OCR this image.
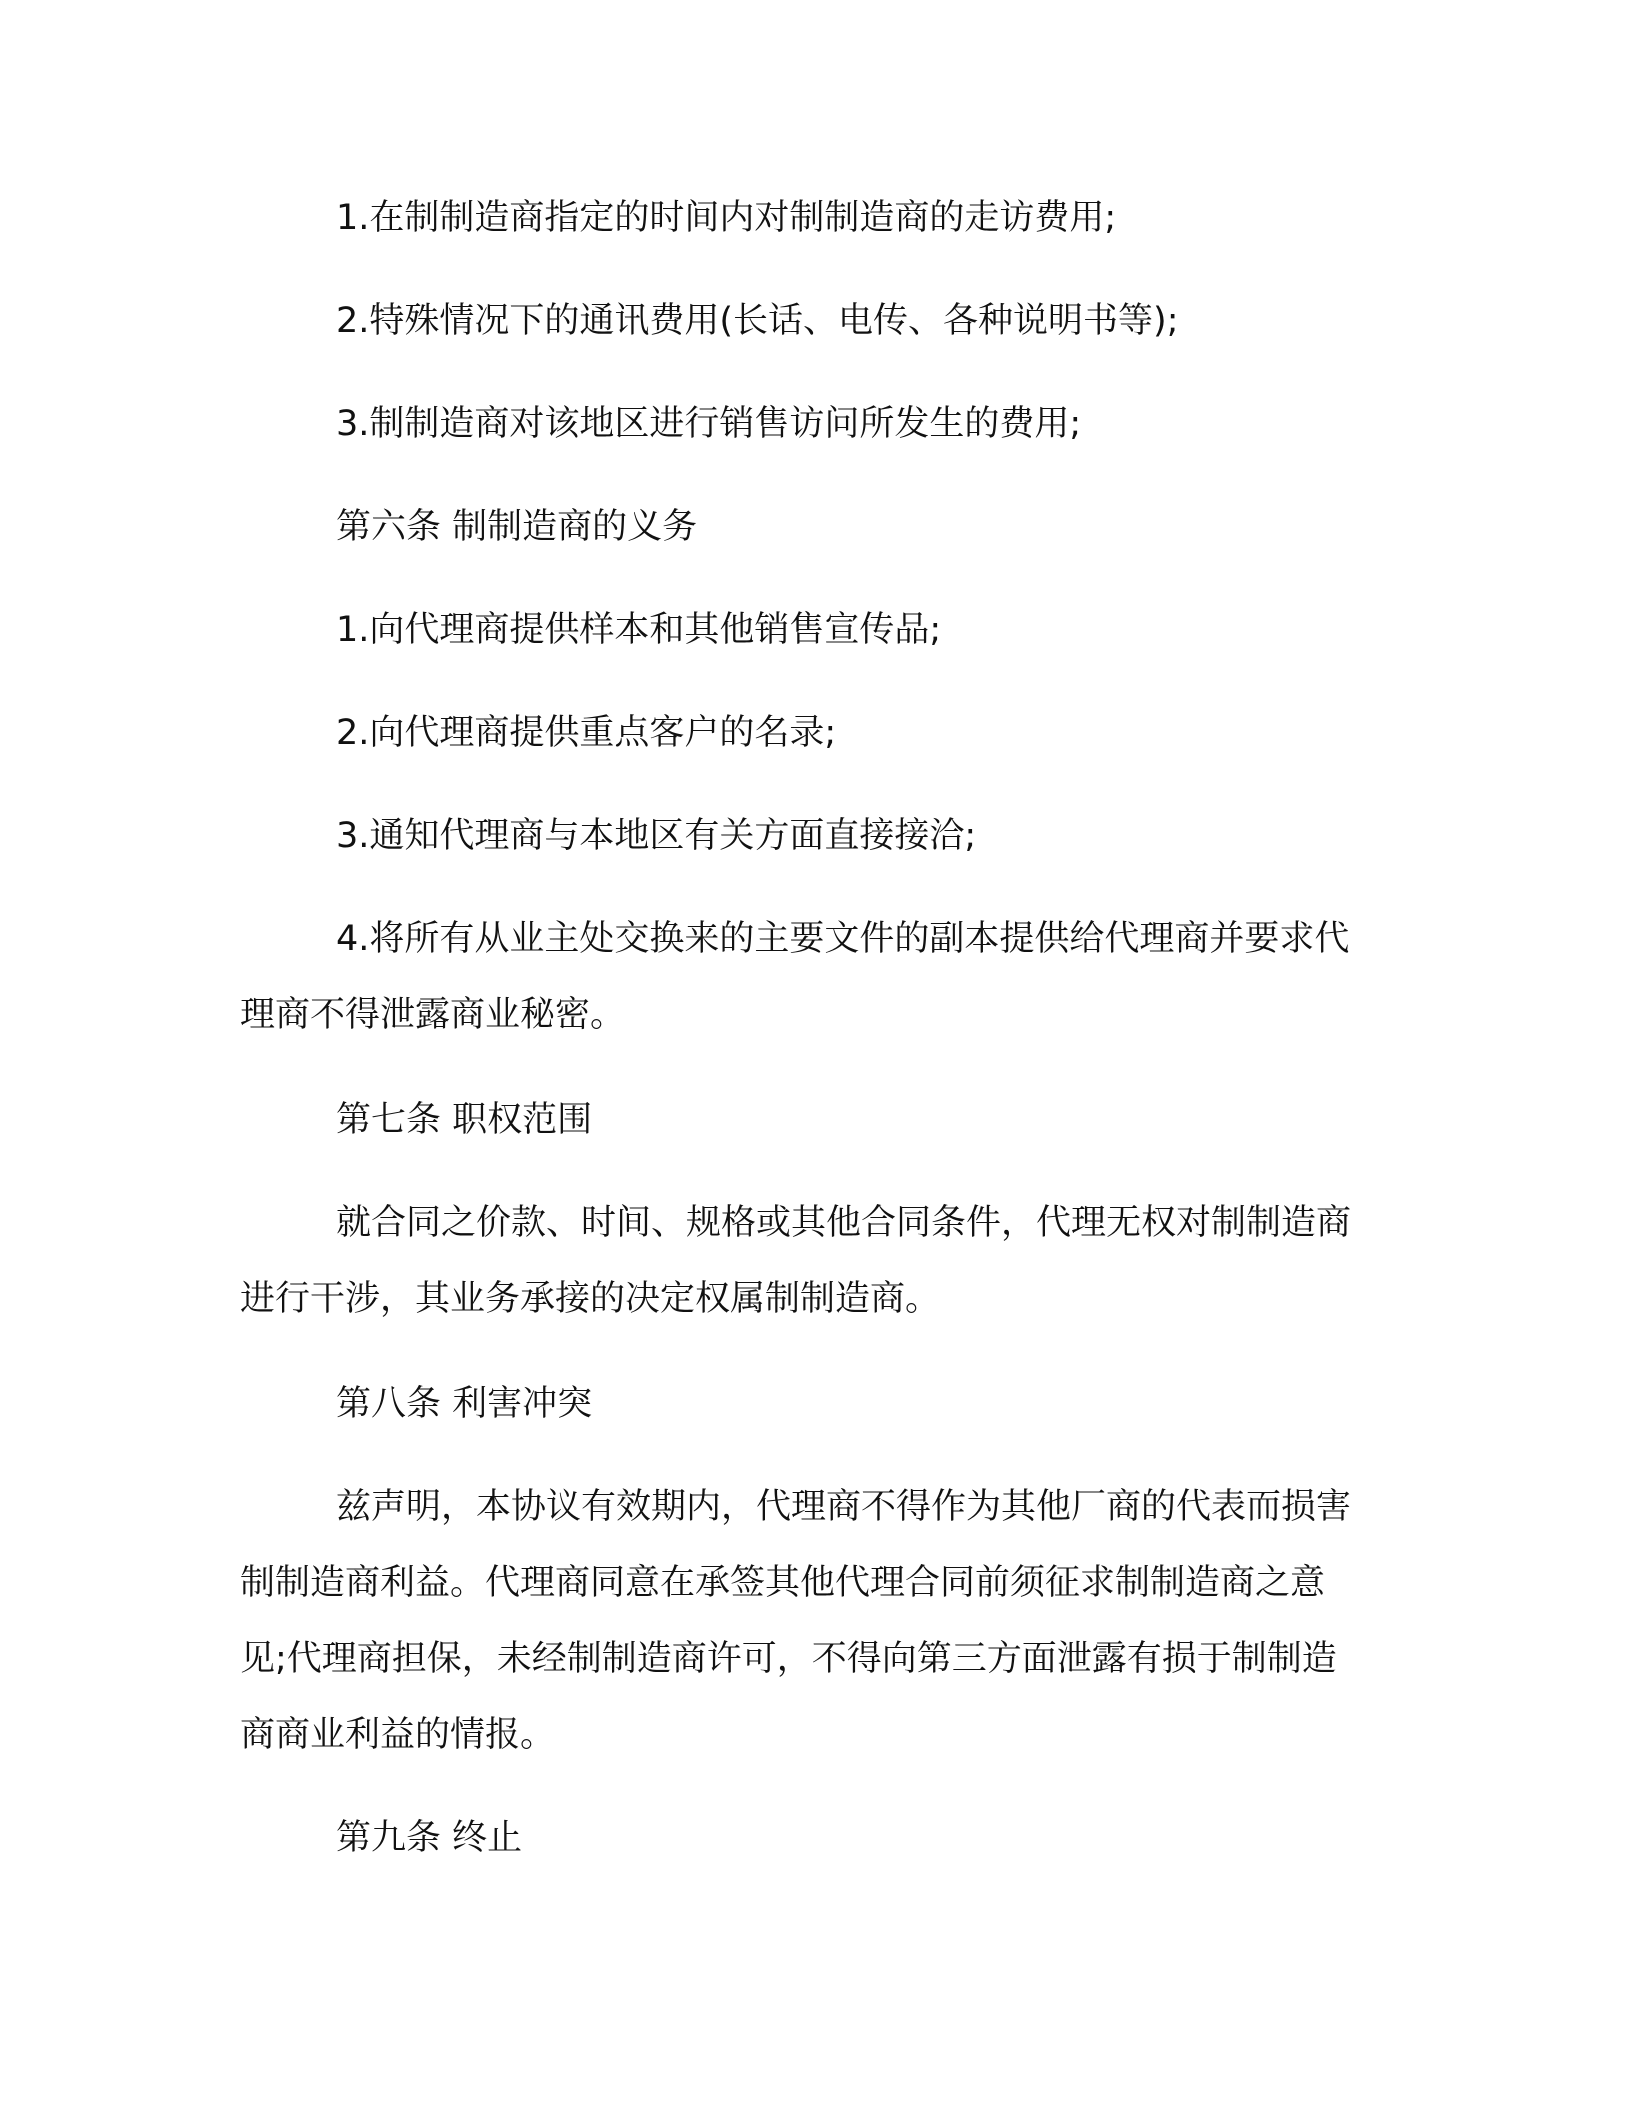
1.在制制造商指定的时间内对制制造商的走访费用;

2.特殊情况下的通讯费用(长话、电传、各种说明书等);

3.制制造商对该地区进行销售访问所发生的费用;

第六条 制制造商的义务

1.向代理商提供样本和其他销售宣传品;

2.向代理商提供重点客户的名录;

3.通知代理商与本地区有关方面直接接洽;

4.将所有从业主处交换来的主要文件的副本提供给代理商并要求代理商不得泄露商业秘密。

第七条 职权范围

就合同之价款、时间、规格或其他合同条件，代理无权对制制造商进行干涉，其业务承接的决定权属制制造商。

第八条 利害冲突

兹声明，本协议有效期内，代理商不得作为其他厂商的代表而损害制制造商利益。代理商同意在承签其他代理合同前须征求制制造商之意见;代理商担保，未经制制造商许可，不得向第三方面泄露有损于制制造商商业利益的情报。

第九条 终止
